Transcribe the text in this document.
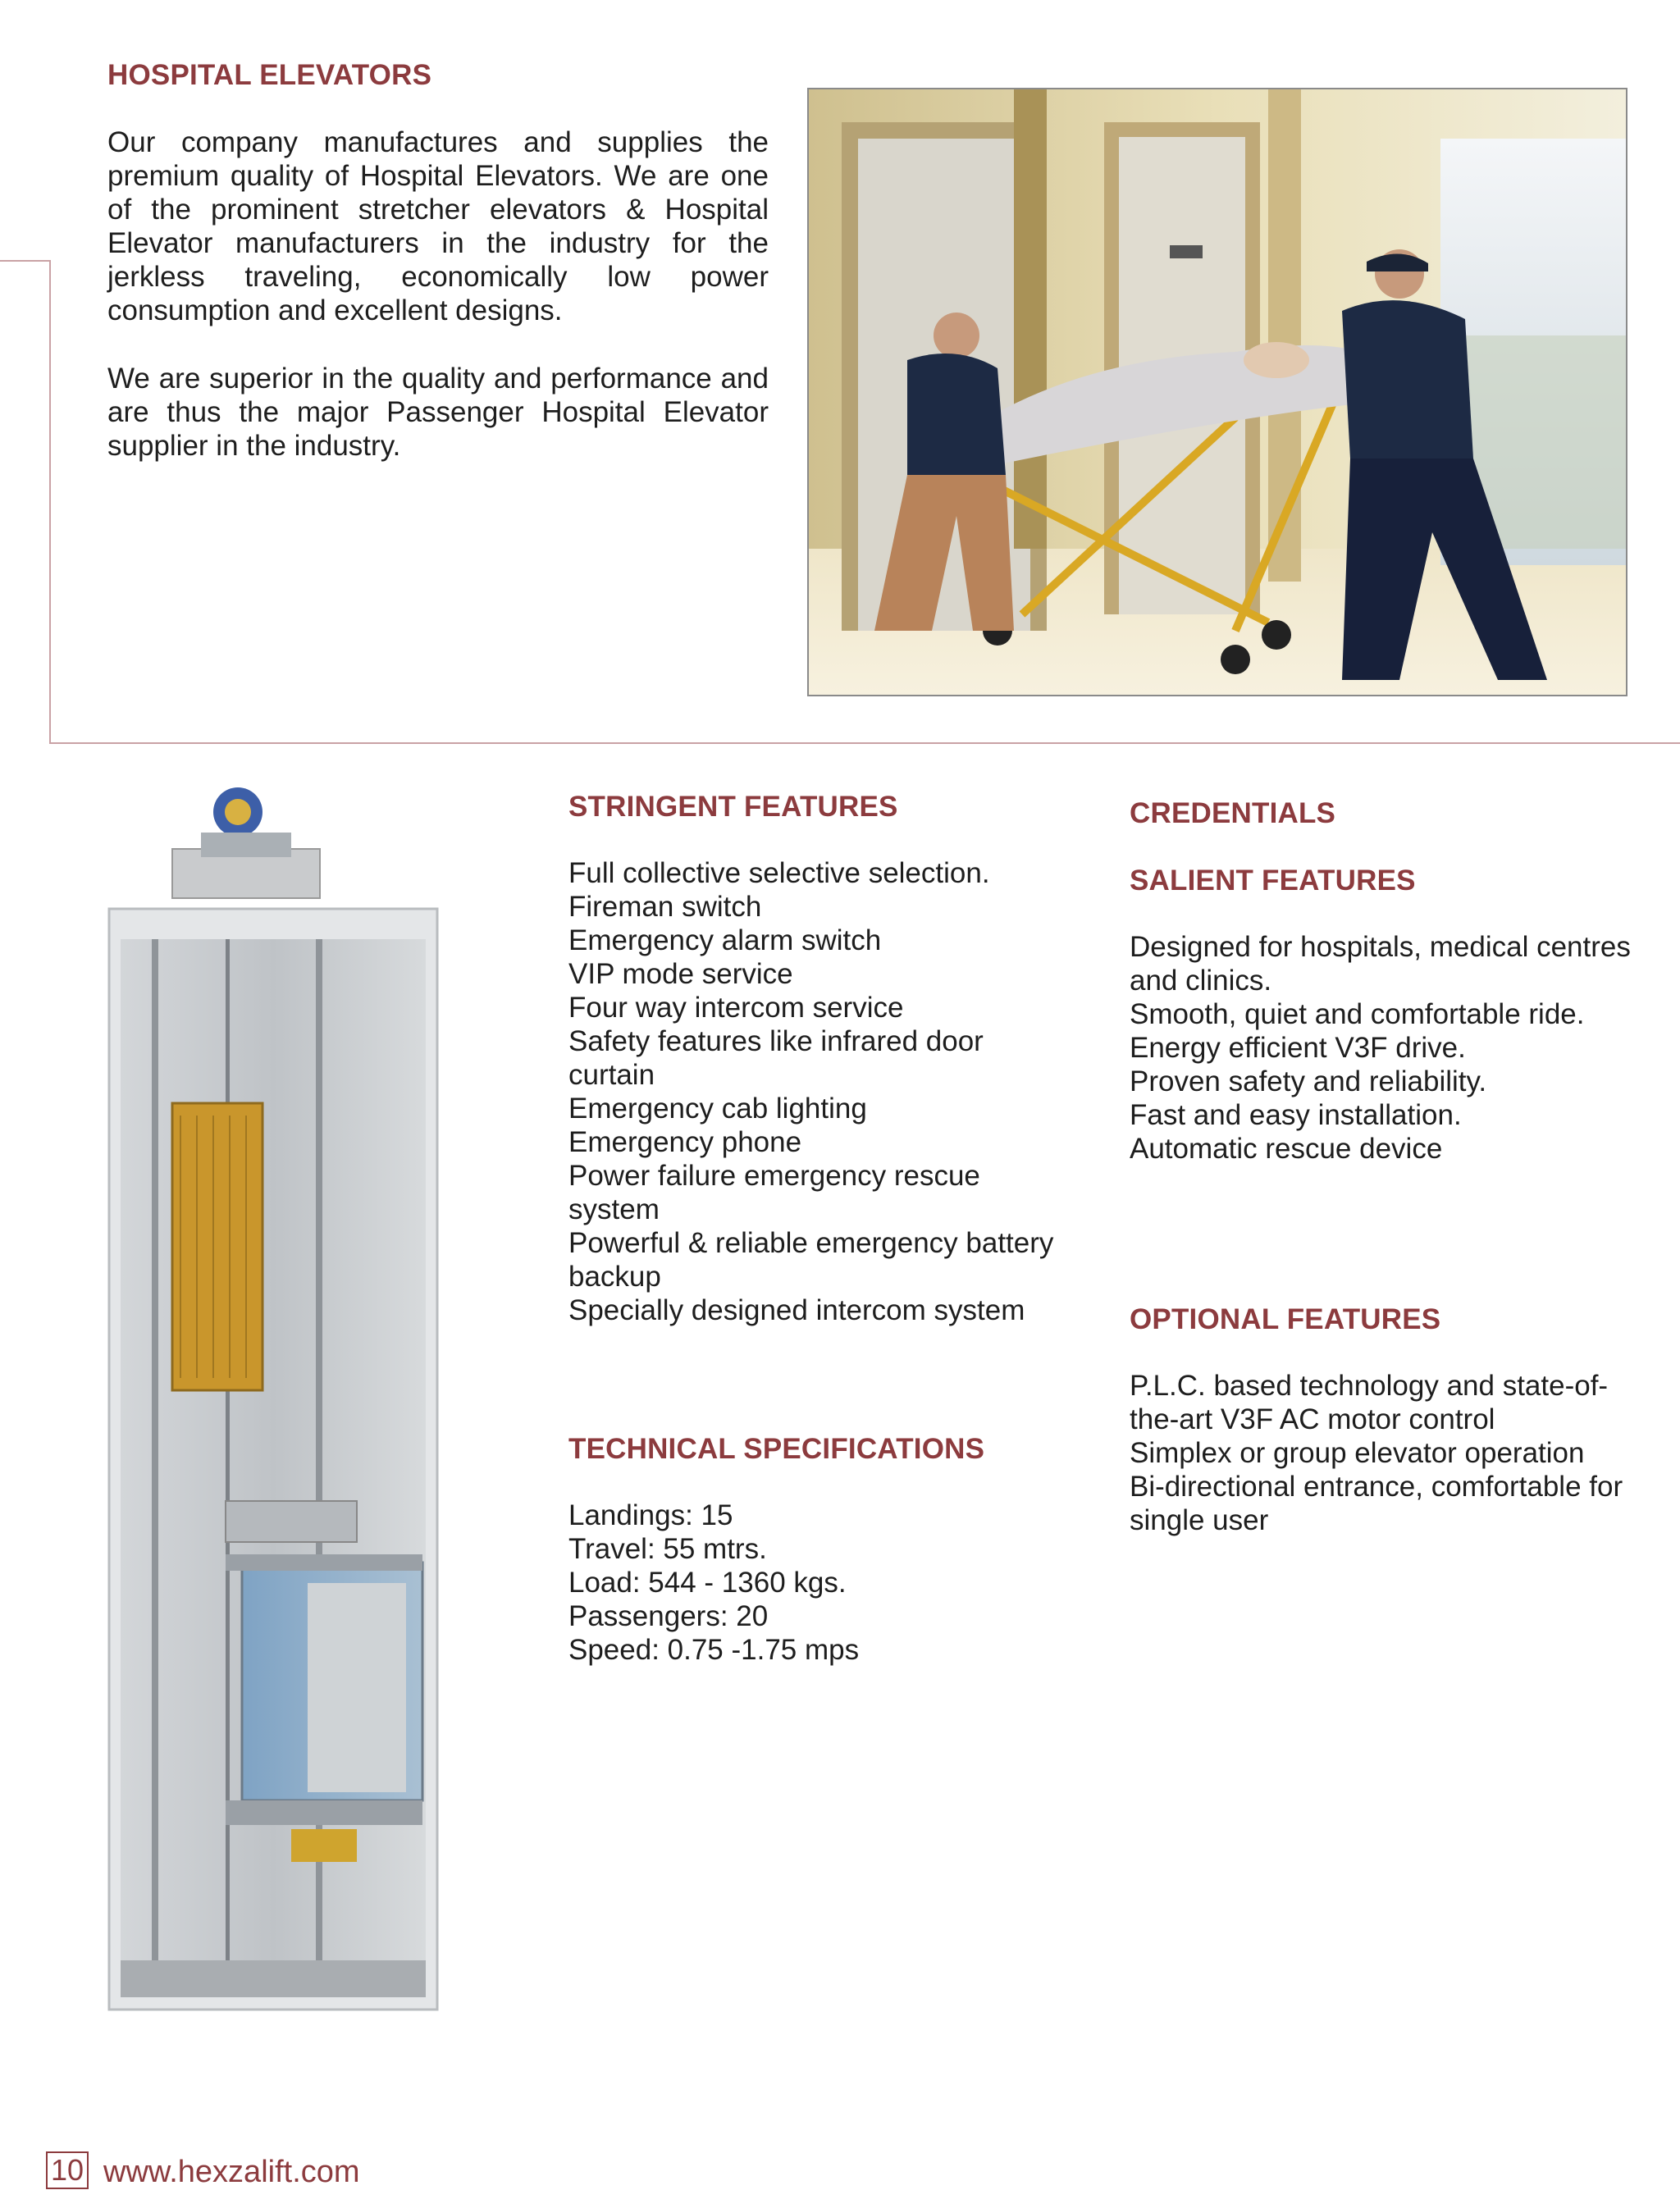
HOSPITAL ELEVATORS
Our company manufactures and supplies the premium quality of Hospital Elevators. We are one of the prominent stretcher elevators & Hospital Elevator manufacturers in the industry for the jerkless traveling, economically low power consumption and excellent designs.
We are superior in the quality and performance and are thus the major Passenger Hospital Elevator supplier in the industry.
STRINGENT FEATURES
Full collective selective selection.
Fireman switch
Emergency alarm switch
VIP mode service
Four way intercom service
Safety features like infrared door curtain
Emergency cab lighting
Emergency phone
Power failure emergency rescue system
Powerful & reliable emergency battery backup
Specially designed intercom system
TECHNICAL SPECIFICATIONS
Landings: 15
Travel: 55 mtrs.
Load: 544 - 1360 kgs.
Passengers: 20
Speed: 0.75 -1.75 mps
CREDENTIALS
SALIENT FEATURES
Designed for hospitals, medical centres and clinics.
Smooth, quiet and comfortable ride.
Energy efficient V3F drive.
Proven safety and reliability.
Fast and easy installation.
Automatic rescue device
OPTIONAL FEATURES
P.L.C. based technology and state-of-the-art V3F AC motor control
Simplex or group elevator operation
Bi-directional entrance, comfortable for single user
10 www.hexzalift.com
